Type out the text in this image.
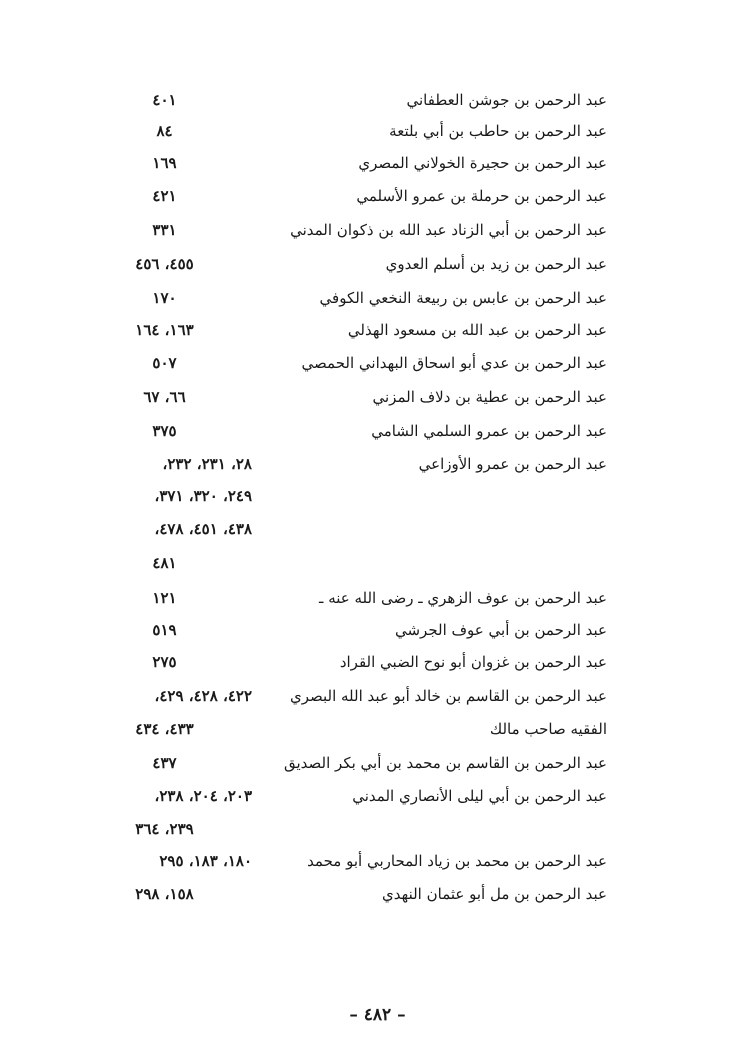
عبد الرحمن بن جوشن العطفاني
٤٠١
عبد الرحمن بن حاطب بن أبي بلتعة
٨٤
عبد الرحمن بن حجيرة الخولاني المصري
١٦٩
عبد الرحمن بن حرملة بن عمرو الأسلمي
٤٢١
عبد الرحمن بن أبي الزناد عبد الله بن ذكوان المدني
٣٣١
عبد الرحمن بن زيد بن أسلم العدوي
٤٥٥، ٤٥٦
عبد الرحمن بن عابس بن ربيعة النخعي الكوفي
١٧٠
عبد الرحمن بن عبد الله بن مسعود الهذلي
١٦٣، ١٦٤
عبد الرحمن بن عدي أبو اسحاق البهداني الحمصي
٥٠٧
عبد الرحمن بن عطية بن دلاف المزني
٦٦، ٦٧
عبد الرحمن بن عمرو السلمي الشامي
٣٧٥
عبد الرحمن بن عمرو الأوزاعي
٢٨، ٢٣١، ٢٣٢،
٢٤٩، ٣٢٠، ٣٧١،
٤٣٨، ٤٥١، ٤٧٨،
٤٨١
عبد الرحمن بن عوف الزهري ـ رضى الله عنه ـ
١٢١
عبد الرحمن بن أبي عوف الجرشي
٥١٩
عبد الرحمن بن غزوان أبو نوح الضبي القراد
٢٧٥
عبد الرحمن بن القاسم بن خالد أبو عبد الله البصري
٤٢٢، ٤٢٨، ٤٢٩،
الفقيه صاحب مالك
٤٣٣، ٤٣٤
عبد الرحمن بن القاسم بن محمد بن أبي بكر الصديق
٤٣٧
عبد الرحمن بن أبي ليلى الأنصاري المدني
٢٠٣، ٢٠٤، ٢٣٨،
٢٣٩، ٣٦٤
عبد الرحمن بن محمد بن زياد المحاربي أبو محمد
١٨٠، ١٨٣، ٢٩٥
عبد الرحمن بن مل أبو عثمان النهدي
١٥٨، ٢٩٨
– ٤٨٢ –
